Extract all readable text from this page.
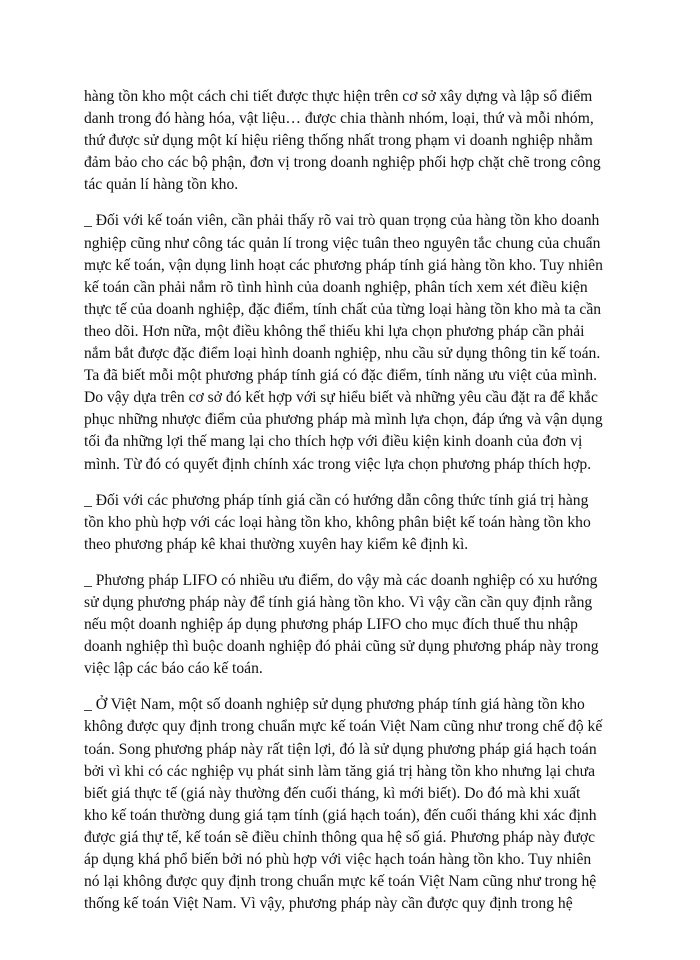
hàng tồn kho một cách chi tiết được thực hiện trên cơ sở xây dựng và lập sổ điểm
danh trong đó hàng hóa, vật liệu… được chia thành nhóm, loại, thứ và mỗi nhóm,
thứ được sử dụng một kí hiệu riêng thống nhất trong phạm vi doanh nghiệp nhằm
đảm bảo cho các bộ phận, đơn vị trong doanh nghiệp phối hợp chặt chẽ trong công
tác quản lí hàng tồn kho.

_ Đối với kế toán viên, cần phải thấy rõ vai trò quan trọng của hàng tồn kho doanh
nghiệp cũng như công tác quản lí trong việc tuân theo nguyên tắc chung của chuẩn
mực kế toán, vận dụng linh hoạt các phương pháp tính giá hàng tồn kho. Tuy nhiên
kế toán cần phải nắm rõ tình hình của doanh nghiệp, phân tích xem xét điều kiện
thực tế của doanh nghiệp, đặc điểm, tính chất của từng loại hàng tồn kho mà ta cần
theo dõi. Hơn nữa, một điều không thể thiếu khi lựa chọn phương pháp cần phải
nắm bắt được đặc điểm loại hình doanh nghiệp, nhu cầu sử dụng thông tin kế toán.
Ta đã biết mỗi một phương pháp tính giá có đặc điểm, tính năng ưu việt của mình.
Do vậy dựa trên cơ sở đó kết hợp với sự hiểu biết và những yêu cầu đặt ra để khắc
phục những nhược điểm của phương pháp mà mình lựa chọn, đáp ứng và vận dụng
tối đa những lợi thế mang lại cho thích hợp với điều kiện kinh doanh của đơn vị
mình. Từ đó có quyết định chính xác trong việc lựa chọn phương pháp thích hợp.

_ Đối với các phương pháp tính giá cần có hướng dẫn công thức tính giá trị hàng
tồn kho phù hợp với các loại hàng tồn kho, không phân biệt kế toán hàng tồn kho
theo phương pháp kê khai thường xuyên hay kiểm kê định kì.

_ Phương pháp LIFO có nhiều ưu điểm, do vậy mà các doanh nghiệp có xu hướng
sử dụng phương pháp này để tính giá hàng tồn kho. Vì vậy cần cần quy định rằng
nếu một doanh nghiệp áp dụng phương pháp LIFO cho mục đích thuế thu nhập
doanh nghiệp thì buộc doanh nghiệp đó phải cũng sử dụng phương pháp này trong
việc lập các báo cáo kế toán.

_ Ở Việt Nam, một số doanh nghiệp sử dụng phương pháp tính giá hàng tồn kho
không được quy định trong chuẩn mực kế toán Việt Nam cũng như trong chế độ kế
toán. Song phương pháp này rất tiện lợi, đó là sử dụng phương pháp giá hạch toán
bởi vì khi có các nghiệp vụ phát sinh làm tăng giá trị hàng tồn kho nhưng lại chưa
biết giá thực tế (giá này thường đến cuối tháng, kì mới biết). Do đó mà khi xuất
kho kế toán thường dung giá tạm tính (giá hạch toán), đến cuối tháng khi xác định
được giá thự tế, kế toán sẽ điều chỉnh thông qua hệ số giá. Phương pháp này được
áp dụng khá phổ biến bởi nó phù hợp với việc hạch toán hàng tồn kho. Tuy nhiên
nó lại không được quy định trong chuẩn mực kế toán Việt Nam cũng như trong hệ
thống kế toán Việt Nam. Vì vậy, phương pháp này cần được quy định trong hệ
